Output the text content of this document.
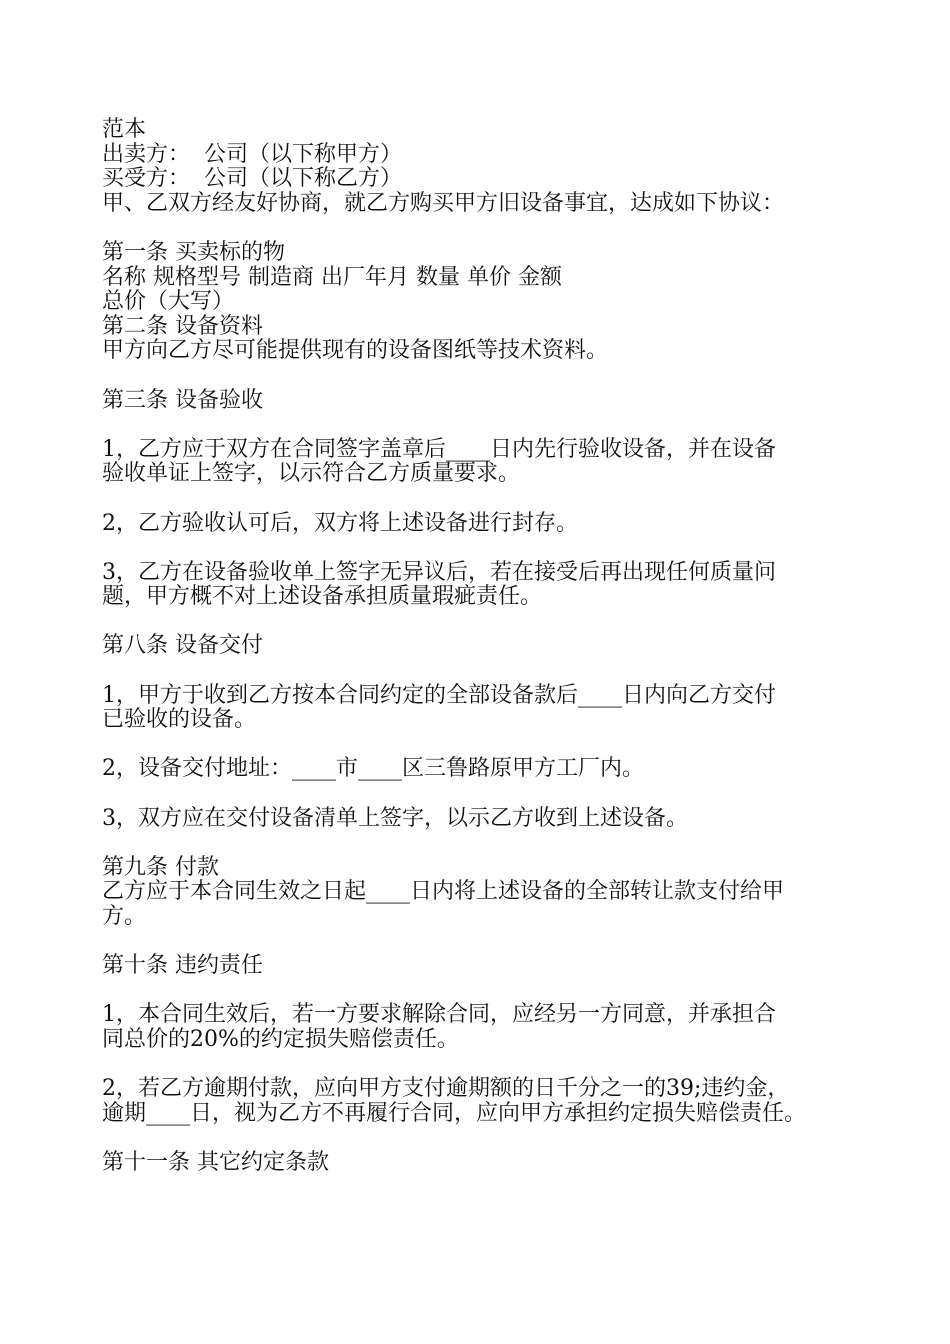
范本

出卖方：  公司（以下称甲方）

买受方：  公司（以下称乙方）

甲、乙双方经友好协商，就乙方购买甲方旧设备事宜，达成如下协议：

第一条 买卖标的物

名称 规格型号 制造商 出厂年月 数量 单价 金额

总价（大写）

第二条 设备资料

甲方向乙方尽可能提供现有的设备图纸等技术资料。

第三条 设备验收

1，乙方应于双方在合同签字盖章后____日内先行验收设备，并在设备

验收单证上签字，以示符合乙方质量要求。

2，乙方验收认可后，双方将上述设备进行封存。

3，乙方在设备验收单上签字无异议后，若在接受后再出现任何质量问

题，甲方概不对上述设备承担质量瑕疵责任。

第八条 设备交付

1，甲方于收到乙方按本合同约定的全部设备款后____日内向乙方交付

已验收的设备。

2，设备交付地址：____市____区三鲁路原甲方工厂内。

3，双方应在交付设备清单上签字，以示乙方收到上述设备。

第九条 付款

乙方应于本合同生效之日起____日内将上述设备的全部转让款支付给甲

方。

第十条 违约责任

1，本合同生效后，若一方要求解除合同，应经另一方同意，并承担合

同总价的20%的约定损失赔偿责任。

2，若乙方逾期付款，应向甲方支付逾期额的日千分之一的39;违约金，

逾期____日，视为乙方不再履行合同，应向甲方承担约定损失赔偿责任。

第十一条 其它约定条款
